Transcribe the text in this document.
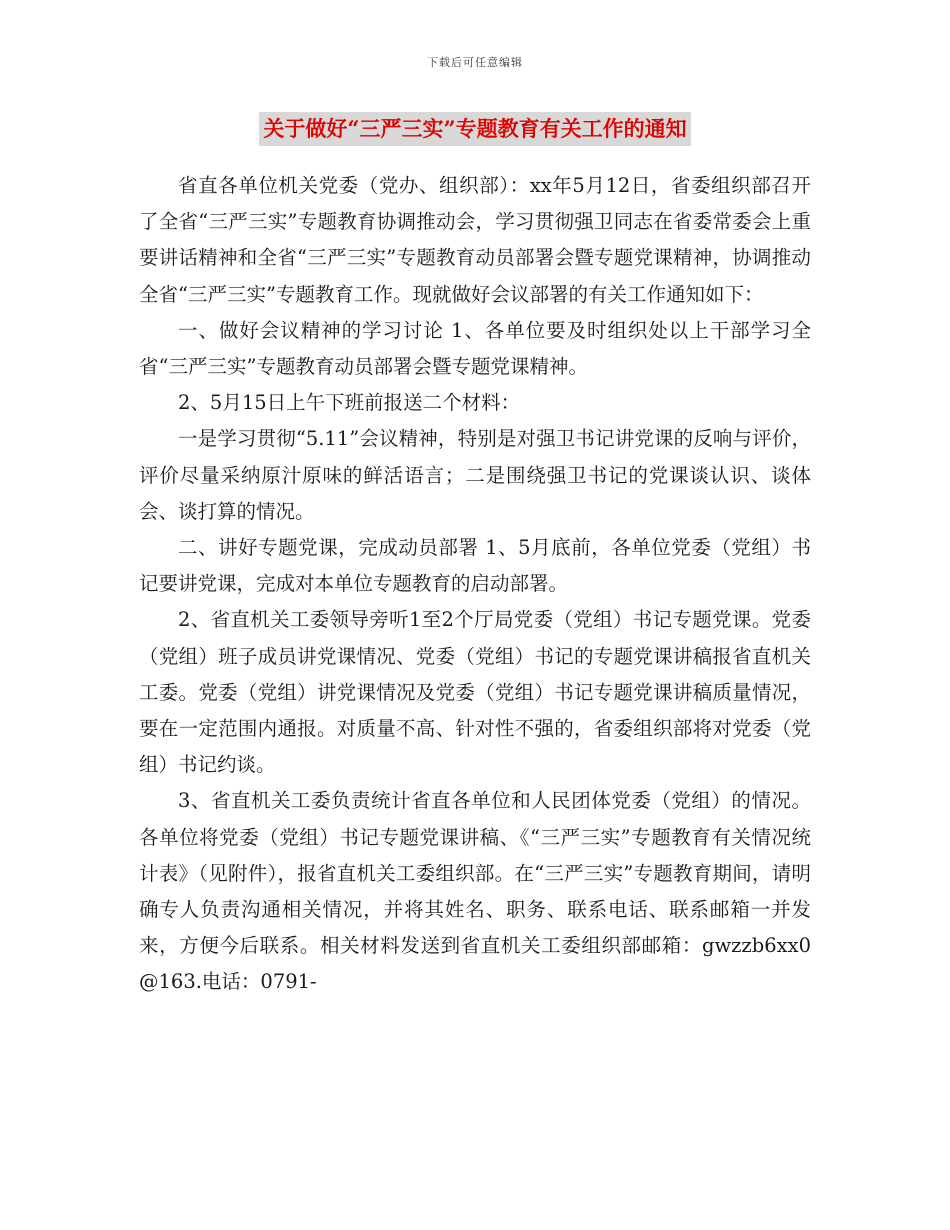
下载后可任意编辑
关于做好“三严三实”专题教育有关工作的通知

省直各单位机关党委（党办、组织部）：xx年5月12日，省委组织部召开了全省“三严三实”专题教育协调推动会，学习贯彻强卫同志在省委常委会上重要讲话精神和全省“三严三实”专题教育动员部署会暨专题党课精神，协调推动全省“三严三实”专题教育工作。现就做好会议部署的有关工作通知如下：

一、做好会议精神的学习讨论 1、各单位要及时组织处以上干部学习全省“三严三实”专题教育动员部署会暨专题党课精神。

2、5月15日上午下班前报送二个材料：

一是学习贯彻“5.11”会议精神，特别是对强卫书记讲党课的反响与评价，评价尽量采纳原汁原味的鲜活语言；二是围绕强卫书记的党课谈认识、谈体会、谈打算的情况。

二、讲好专题党课，完成动员部署 1、5月底前，各单位党委（党组）书记要讲党课，完成对本单位专题教育的启动部署。

2、省直机关工委领导旁听1至2个厅局党委（党组）书记专题党课。党委（党组）班子成员讲党课情况、党委（党组）书记的专题党课讲稿报省直机关工委。党委（党组）讲党课情况及党委（党组）书记专题党课讲稿质量情况，要在一定范围内通报。对质量不高、针对性不强的，省委组织部将对党委（党组）书记约谈。

3、省直机关工委负责统计省直各单位和人民团体党委（党组）的情况。各单位将党委（党组）书记专题党课讲稿、《“三严三实”专题教育有关情况统计表》（见附件），报省直机关工委组织部。在“三严三实”专题教育期间，请明确专人负责沟通相关情况，并将其姓名、职务、联系电话、联系邮箱一并发来，方便今后联系。相关材料发送到省直机关工委组织部邮箱：gwzzb6xx0@163.电话：0791-
